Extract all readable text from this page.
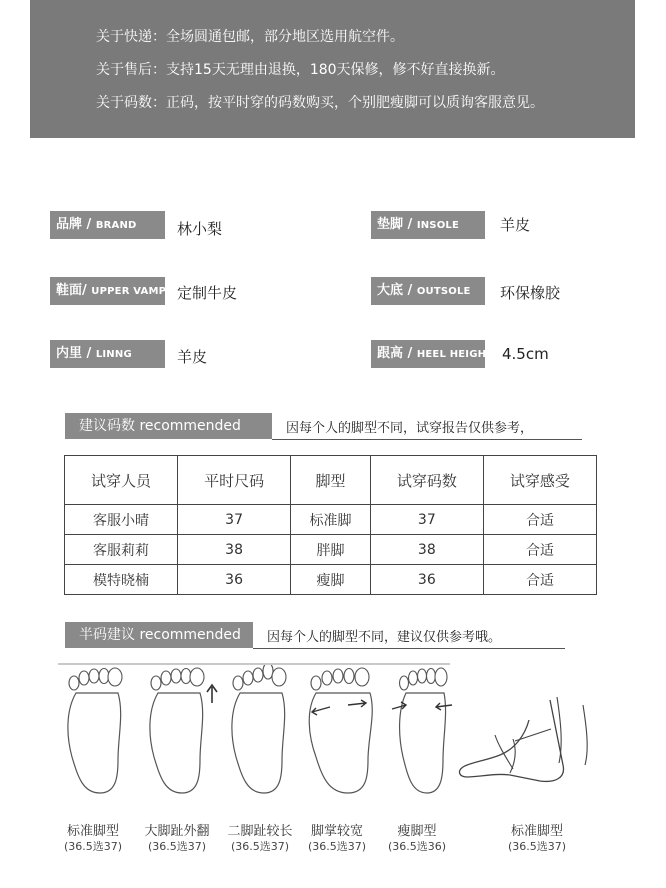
关于快递：全场圆通包邮，部分地区选用航空件。
关于售后：支持15天无理由退换，180天保修，修不好直接换新。
关于码数：正码，按平时穿的码数购买，个别肥瘦脚可以质询客服意见。
品牌 / BRAND	林小梨	垫脚 / INSOLE	羊皮
鞋面/ UPPER VAMP 定制牛皮	大底 / OUTSOLE	环保橡胶
内里 / LINNG	羊皮	跟高 / HEEL HEIGHT 4.5cm
建议码数 recommended	因每个人的脚型不同，试穿报告仅供参考，
试穿人员	平时尺码	脚型	试穿码数	试穿感受
客服小晴	37	标准脚	37	合适
客服莉莉	38	胖脚	38	合适
模特晓楠	36	瘦脚	36	合适
半码建议 recommended	因每个人的脚型不同，建议仅供参考哦。
标准脚型
(36.5选37)
大脚趾外翻
(36.5选37)
二脚趾较长
(36.5选37)
脚掌较宽
(36.5选37)
瘦脚型
(36.5选36)
标准脚型
(36.5选37)
